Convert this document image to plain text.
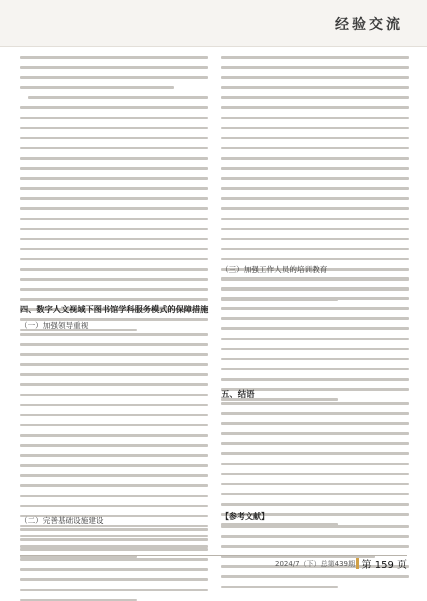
经验交流
四、数字人文视域下图书馆学科服务模式的保障措施
（一）加强领导重视
（二）完善基础设施建设
（三）加强工作人员的培训教育
五、结语
【参考文献】
2024/7（下）总第439期 第 159 页
